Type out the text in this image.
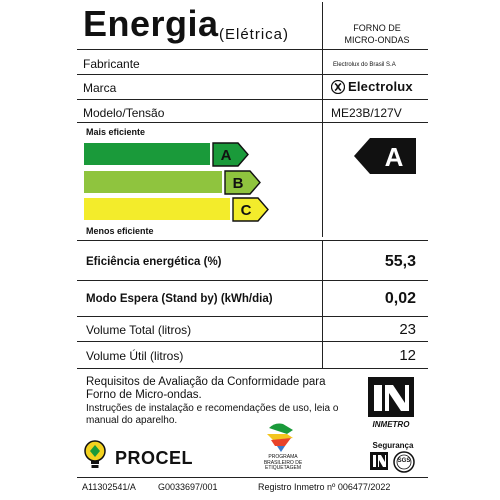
Energia (Elétrica)	FORNO DE
MICRO-ONDAS
Fabricante	Electrolux do Brasil S.A
Marca	Electrolux
Modelo/Tensão	ME23B/127V
Mais eficiente
A
B
C
Menos eficiente
A
Eficiência energética (%)	55,3
Modo Espera (Stand by) (kWh/dia)	0,02
Volume Total (litros)	23
Volume Útil (litros)	12
Requisitos de Avaliação da Conformidade para
Forno de Micro-ondas.
Instruções de instalação e recomendações de uso, leia o
manual do aparelho.	INMETRO
PROCEL	PROGRAMA
BRASILEIRO DE
ETIQUETAGEM
Segurança
SGS
A11302541/A G0033697/001	Registro Inmetro nº 006477/2022
